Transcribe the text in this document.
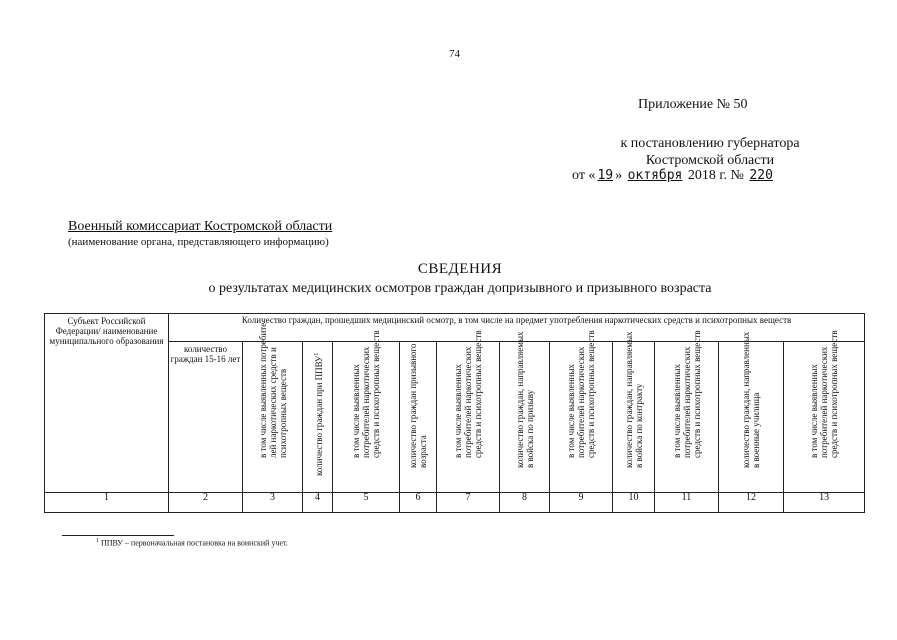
74
Приложение № 50
к постановлению губернатора
Костромской области
от « 19 » октября 2018 г. № 220
Военный комиссариат Костромской области
(наименование органа, представляющего информацию)
СВЕДЕНИЯ
о результатах медицинских осмотров граждан допризывного и призывного возраста
Субъект Российской Федерации/ наименование муниципального образования	Количество граждан, прошедших медицинский осмотр, в том числе на предмет употребления наркотических средств и психотропных веществ											
	количество граждан 15-16 лет	в том числе выявленных потребите лей наркотических средств и психотропных веществ	количество граждан при ППВУ$^1$	в том числе выявленных потребителей наркотических средств и психотропных веществ	количество граждан призывного возраста	в том числе выявленных потребителей наркотических средств и психотропных веществ	количество граждан, направляемых в войска по призыву	в том числе выявленных потребителей наркотических средств и психотропных веществ	количество граждан, направляемых в войска по контракту	в том числе выявленных потребителей наркотических средств и психотропных веществ	количество граждан, направленных в военные училища	в том числе выявленных потребителей наркотических средств и психотропных веществ

1	2	3	4	5	6	7	8	9	10	11	12	13
$^1$ ППВУ – первоначальная постановка на воинский учет.
